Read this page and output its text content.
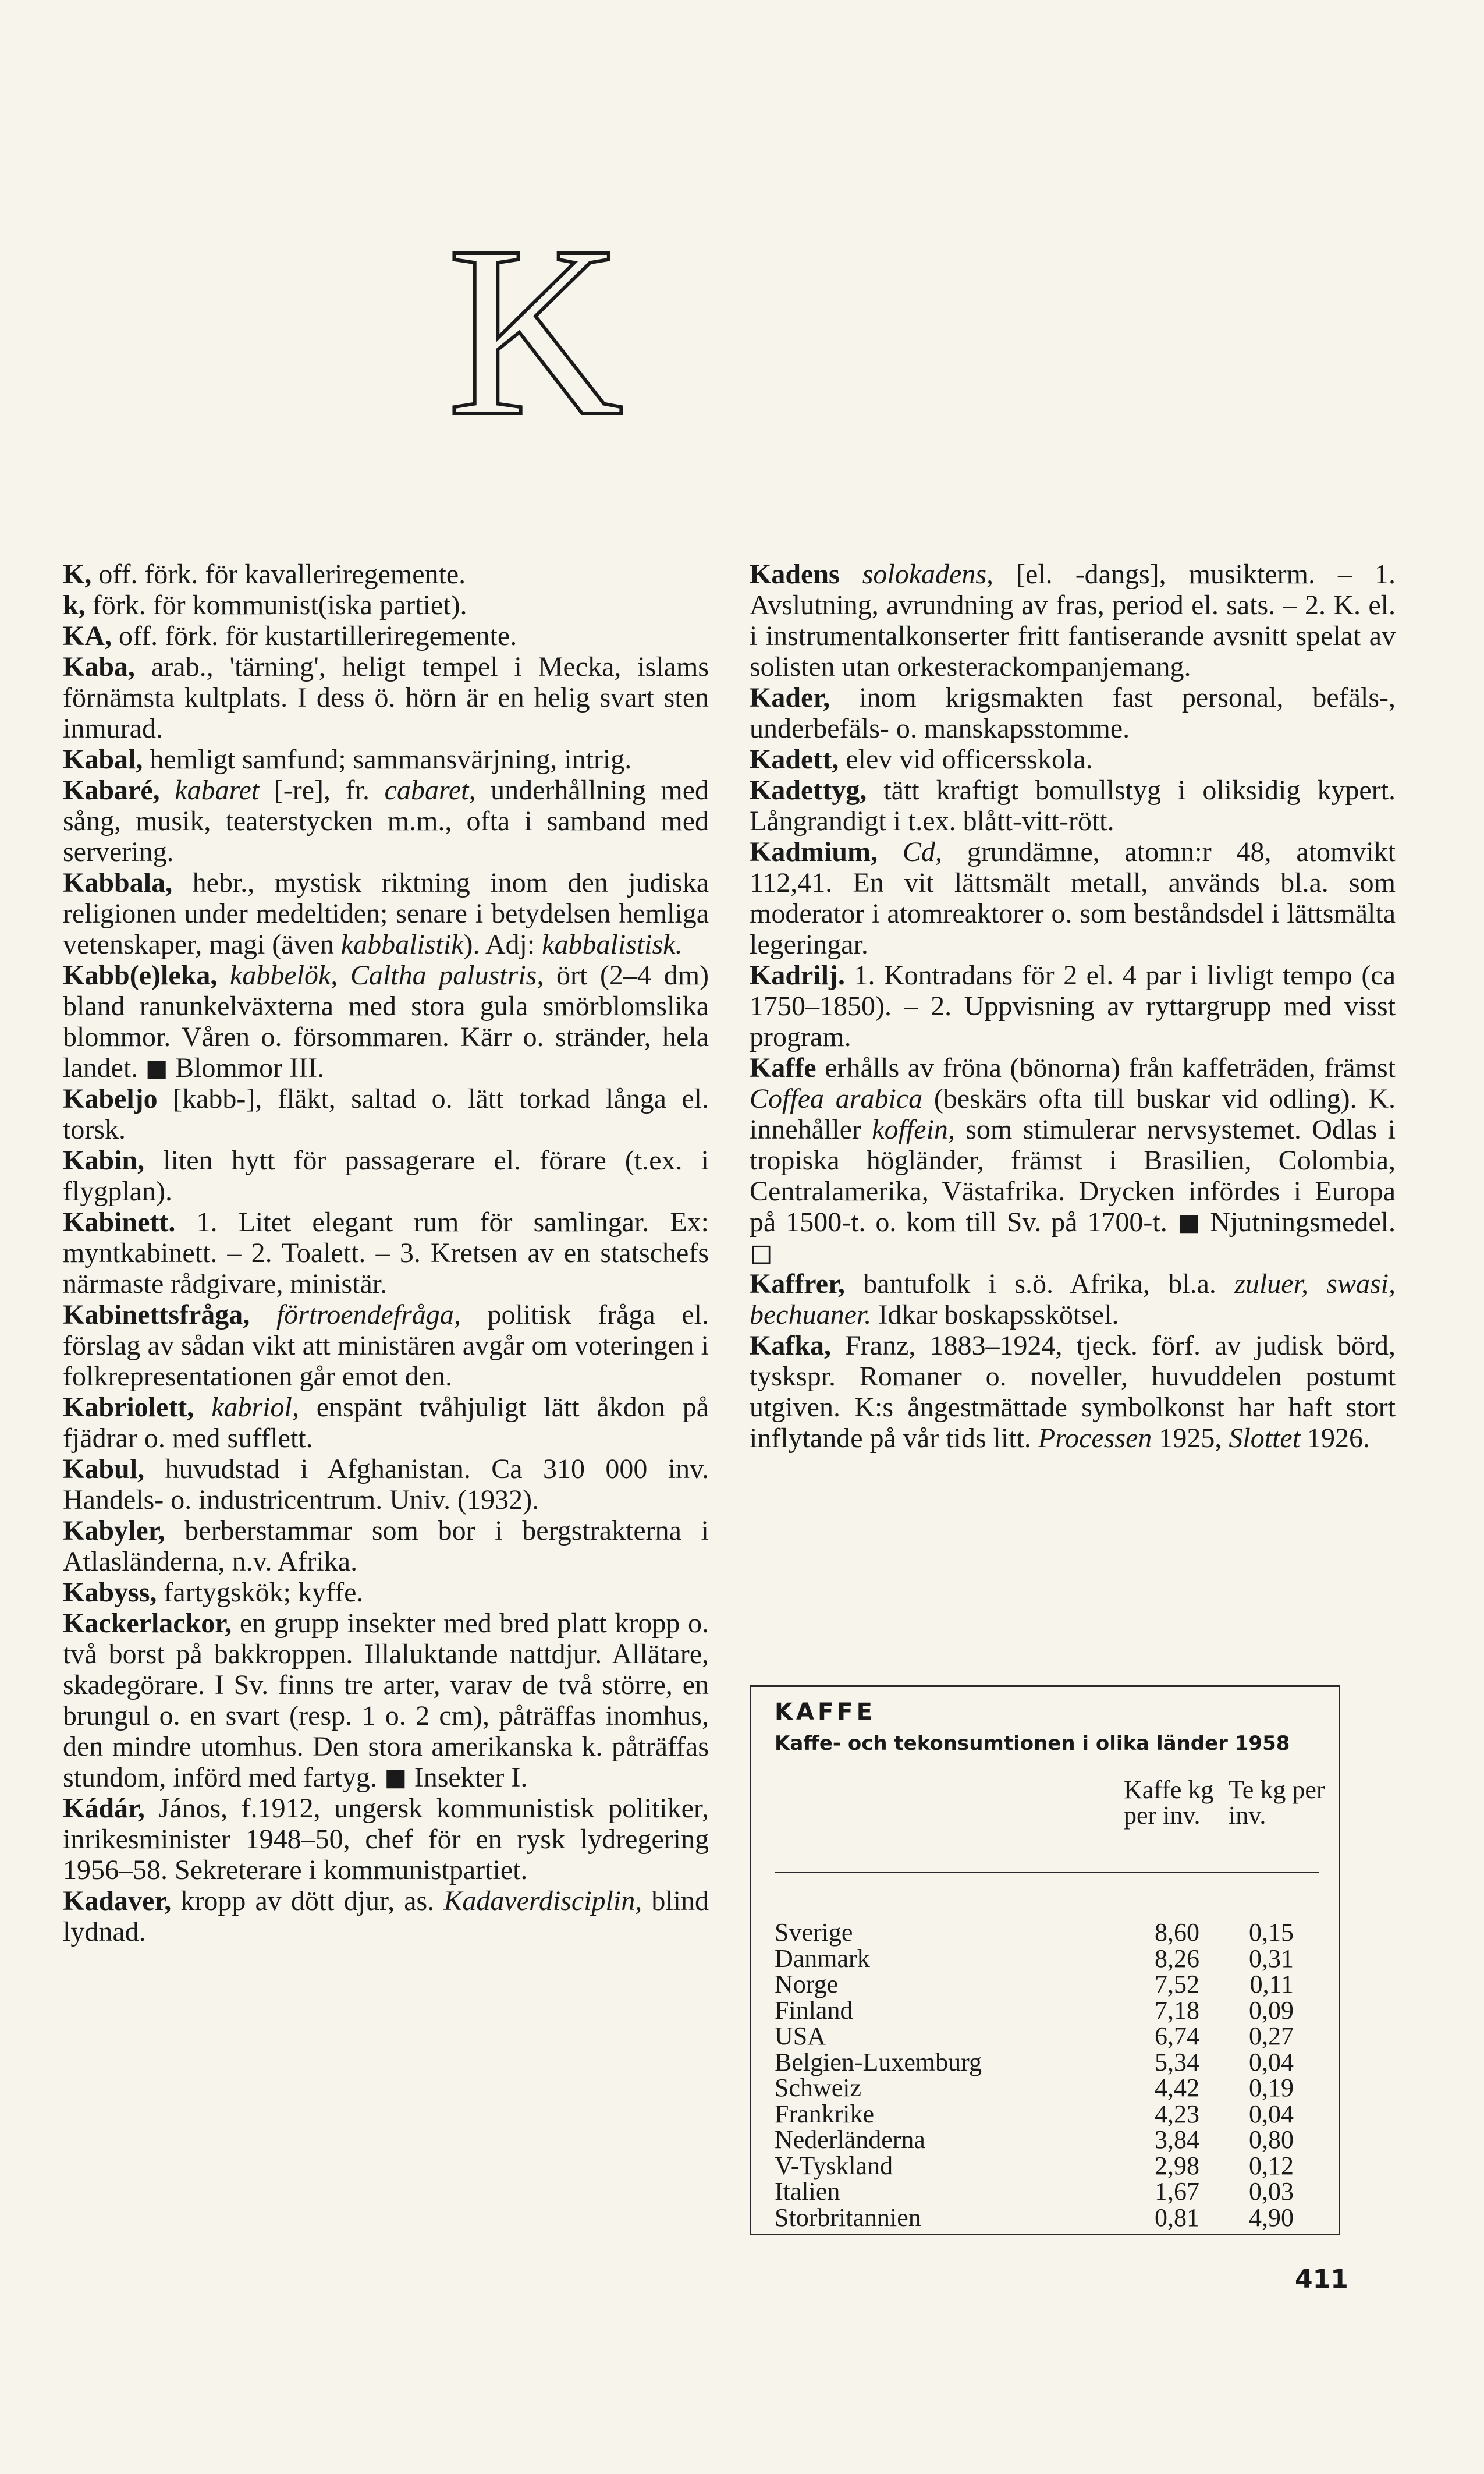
K

K, off. förk. för kavalleriregemente.

k, förk. för kommunist(iska partiet).

KA, off. förk. för kustartilleriregemente.

Kaba, arab., 'tärning', heligt tempel i Mecka, islams förnämsta kultplats. I dess ö. hörn är en helig svart sten inmurad.

Kabal, hemligt samfund; sammansvärjning, intrig.

Kabaré, kabaret [-re], fr. cabaret, underhållning med sång, musik, teaterstycken m.m., ofta i samband med servering.

Kabbala, hebr., mystisk riktning inom den judiska religionen under medeltiden; senare i betydelsen hemliga vetenskaper, magi (även kabbalistik). Adj: kabbalistisk.

Kabb(e)leka, kabbelök, Caltha palustris, ört (2–4 dm) bland ranunkelväxterna med stora gula smörblomslika blommor. Våren o. försommaren. Kärr o. stränder, hela landet. ◼ Blommor III.

Kabeljo [kabb-], fläkt, saltad o. lätt torkad långa el. torsk.

Kabin, liten hytt för passagerare el. förare (t.ex. i flygplan).

Kabinett. 1. Litet elegant rum för samlingar. Ex: myntkabinett. – 2. Toalett. – 3. Kretsen av en statschefs närmaste rådgivare, ministär.

Kabinettsfråga, förtroendefråga, politisk fråga el. förslag av sådan vikt att ministären avgår om voteringen i folkrepresentationen går emot den.

Kabriolett, kabriol, enspänt tvåhjuligt lätt åkdon på fjädrar o. med sufflett.

Kabul, huvudstad i Afghanistan. Ca 310 000 inv. Handels- o. industricentrum. Univ. (1932).

Kabyler, berberstammar som bor i bergstrakterna i Atlasländerna, n.v. Afrika.

Kabyss, fartygskök; kyffe.

Kackerlackor, en grupp insekter med bred platt kropp o. två borst på bakkroppen. Illaluktande nattdjur. Allätare, skadegörare. I Sv. finns tre arter, varav de två större, en brungul o. en svart (resp. 1 o. 2 cm), påträffas inomhus, den mindre utomhus. Den stora amerikanska k. påträffas stundom, införd med fartyg. ◼ Insekter I.

Kádár, János, f.1912, ungersk kommunistisk politiker, inrikesminister 1948–50, chef för en rysk lydregering 1956–58. Sekreterare i kommunistpartiet.

Kadaver, kropp av dött djur, as. Kadaverdisciplin, blind lydnad.

Kadens solokadens, [el. -dangs], musikterm. – 1. Avslutning, avrundning av fras, period el. sats. – 2. K. el. i instrumentalkonserter fritt fantiserande avsnitt spelat av solisten utan orkesterackompanjemang.

Kader, inom krigsmakten fast personal, befäls-, underbefäls- o. manskapsstomme.

Kadett, elev vid officersskola.

Kadettyg, tätt kraftigt bomullstyg i oliksidig kypert. Långrandigt i t.ex. blått-vitt-rött.

Kadmium, Cd, grundämne, atomn:r 48, atomvikt 112,41. En vit lättsmält metall, används bl.a. som moderator i atomreaktorer o. som beståndsdel i lättsmälta legeringar.

Kadrilj. 1. Kontradans för 2 el. 4 par i livligt tempo (ca 1750–1850). – 2. Uppvisning av ryttargrupp med visst program.

Kaffe erhålls av fröna (bönorna) från kaffeträden, främst Coffea arabica (beskärs ofta till buskar vid odling). K. innehåller koffein, som stimulerar nervsystemet. Odlas i tropiska högländer, främst i Brasilien, Colombia, Centralamerika, Västafrika. Drycken infördes i Europa på 1500-t. o. kom till Sv. på 1700-t. ◼ Njutningsmedel. ◻

Kaffrer, bantufolk i s.ö. Afrika, bl.a. zuluer, swasi, bechuaner. Idkar boskapsskötsel.

Kafka, Franz, 1883–1924, tjeck. förf. av judisk börd, tyskspr. Romaner o. noveller, huvuddelen postumt utgiven. K:s ångestmättade symbolkonst har haft stort inflytande på vår tids litt. Processen 1925, Slottet 1926.

KAFFE
Kaffe- och tekonsumtionen i olika länder 1958
Kaffe kg per inv.
Te kg per inv.
Sverige	8,60	0,15
Danmark	8,26	0,31
Norge	7,52	0,11
Finland	7,18	0,09
USA	6,74	0,27
Belgien-Luxemburg	5,34	0,04
Schweiz	4,42	0,19
Frankrike	4,23	0,04
Nederländerna	3,84	0,80
V-Tyskland	2,98	0,12
Italien	1,67	0,03
Storbritannien	0,81	4,90
411
